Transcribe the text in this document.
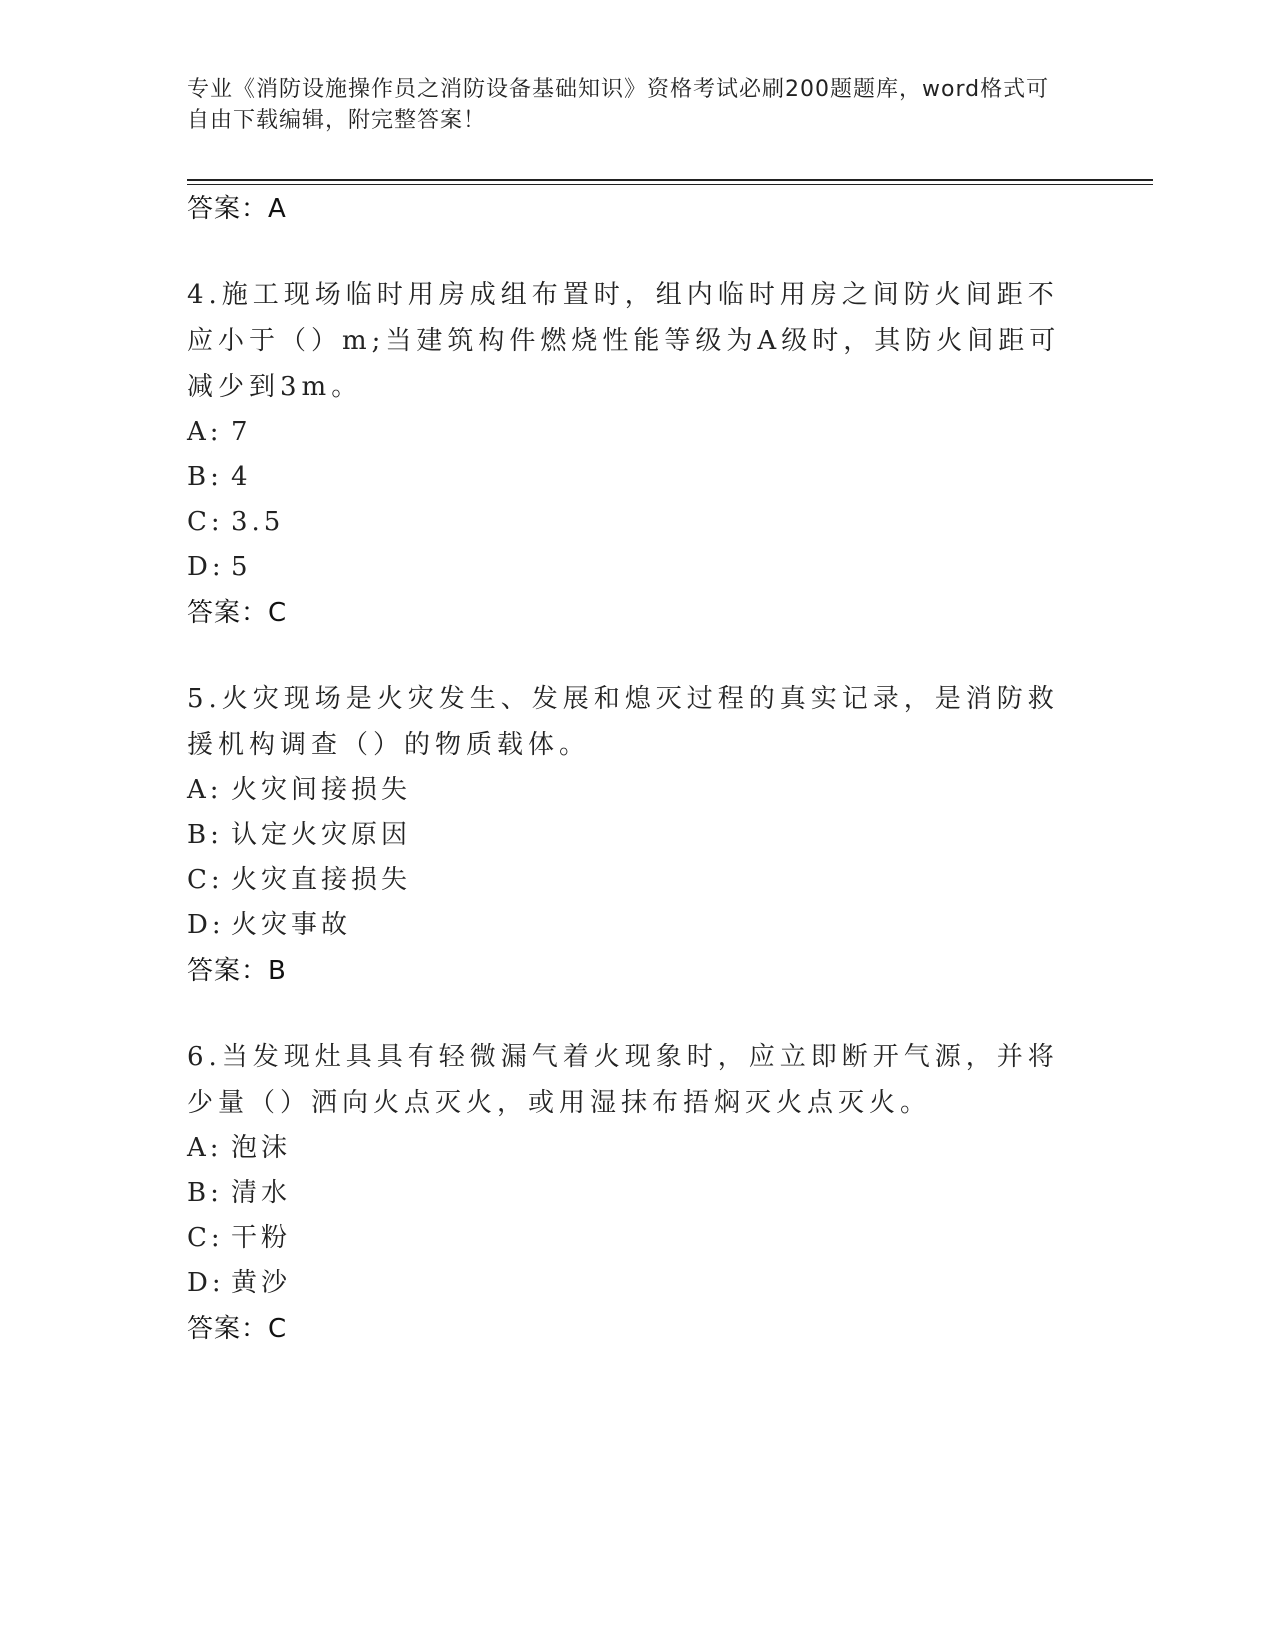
专业《消防设施操作员之消防设备基础知识》资格考试必刷200题题库，word格式可自由下载编辑，附完整答案！
答案：A
4.施工现场临时用房成组布置时，组内临时用房之间防火间距不应小于（）m;当建筑构件燃烧性能等级为A级时，其防火间距可减少到3m。
A: 7
B: 4
C: 3.5
D: 5
答案：C
5.火灾现场是火灾发生、发展和熄灭过程的真实记录，是消防救援机构调查（）的物质载体。
A: 火灾间接损失
B: 认定火灾原因
C: 火灾直接损失
D: 火灾事故
答案：B
6.当发现灶具具有轻微漏气着火现象时，应立即断开气源，并将少量（）洒向火点灭火，或用湿抹布捂焖灭火点灭火。
A: 泡沫
B: 清水
C: 干粉
D: 黄沙
答案：C
